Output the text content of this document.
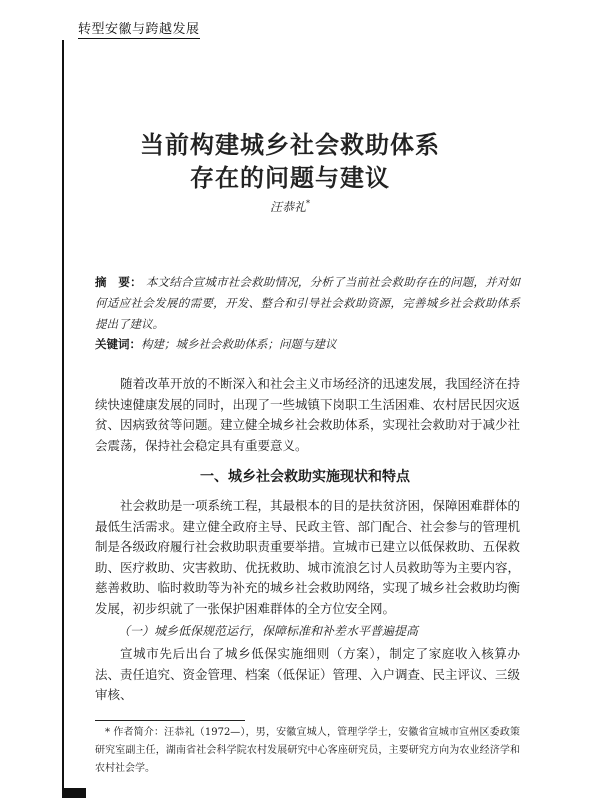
转型安徽与跨越发展
当前构建城乡社会救助体系
存在的问题与建议
汪恭礼*
摘　要： 本文结合宣城市社会救助情况，分析了当前社会救助存在的问题，并对如何适应社会发展的需要，开发、整合和引导社会救助资源，完善城乡社会救助体系提出了建议。
关键词：构建；城乡社会救助体系；问题与建议
随着改革开放的不断深入和社会主义市场经济的迅速发展，我国经济在持续快速健康发展的同时，出现了一些城镇下岗职工生活困难、农村居民因灾返贫、因病致贫等问题。建立健全城乡社会救助体系，实现社会救助对于减少社会震荡，保持社会稳定具有重要意义。
一、城乡社会救助实施现状和特点
社会救助是一项系统工程，其最根本的目的是扶贫济困，保障困难群体的最低生活需求。建立健全政府主导、民政主管、部门配合、社会参与的管理机制是各级政府履行社会救助职责重要举措。宣城市已建立以低保救助、五保救助、医疗救助、灾害救助、优抚救助、城市流浪乞讨人员救助等为主要内容，慈善救助、临时救助等为补充的城乡社会救助网络，实现了城乡社会救助均衡发展，初步织就了一张保护困难群体的全方位安全网。
（一）城乡低保规范运行，保障标准和补差水平普遍提高
宣城市先后出台了城乡低保实施细则（方案），制定了家庭收入核算办法、责任追究、资金管理、档案（低保证）管理、入户调查、民主评议、三级审核、
* 作者简介：汪恭礼（1972—），男，安徽宣城人，管理学学士，安徽省宣城市宣州区委政策研究室副主任，湖南省社会科学院农村发展研究中心客座研究员，主要研究方向为农业经济学和农村社会学。
